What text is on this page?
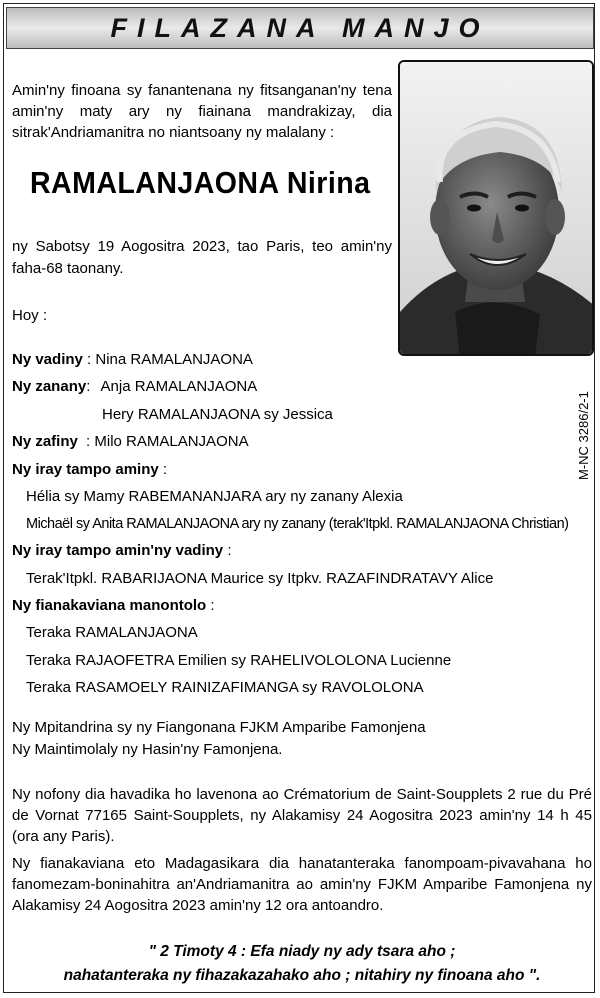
FILAZANA MANJO
Amin'ny finoana sy fanantenana ny fitsanganan'ny tena amin'ny maty ary ny fiainana mandrakizay, dia sitrak'Andriamanitra no niantsoany ny malalany :
RAMALANJAONA Nirina
ny Sabotsy 19 Aogositra 2023, tao Paris, teo amin'ny faha-68 taonany.
Hoy :
Ny vadiny : Nina RAMALANJAONA
Ny zanany: Anja RAMALANJAONA
Hery RAMALANJAONA sy Jessica
Ny zafiny : Milo RAMALANJAONA
Ny iray tampo aminy :
Hélia sy Mamy RABEMANANJARA ary ny zanany Alexia
Michaël sy Anita RAMALANJAONA ary ny zanany (terak'Itpkl. RAMALANJAONA Christian)
Ny iray tampo amin'ny vadiny :
Terak'Itpkl. RABARIJAONA Maurice sy Itpkv. RAZAFINDRATAVY Alice
Ny fianakaviana manontolo :
Teraka RAMALANJAONA
Teraka RAJAOFETRA Emilien sy RAHELIVOLOLONA Lucienne
Teraka RASAMOELY RAINIZAFIMANGA sy RAVOLOLONA
M-NC 3286/2-1
Ny Mpitandrina sy ny Fiangonana FJKM Amparibe Famonjena
Ny Maintimolaly ny Hasin'ny Famonjena.
Ny nofony dia havadika ho lavenona ao Crématorium de Saint-Soupplets 2 rue du Pré de Vornat 77165 Saint-Soupplets, ny Alakamisy 24 Aogositra 2023 amin'ny 14 h 45 (ora any Paris).
Ny fianakaviana eto Madagasikara dia hanatanteraka fanompoam-pivavahana ho fanomezam-boninahitra an'Andriamanitra ao amin'ny FJKM Amparibe Famonjena ny Alakamisy 24 Aogositra 2023 amin'ny 12 ora antoandro.
" 2 Timoty 4 : Efa niady ny ady tsara aho ;
nahatanteraka ny fihazakazahako aho ; nitahiry ny finoana aho ".
